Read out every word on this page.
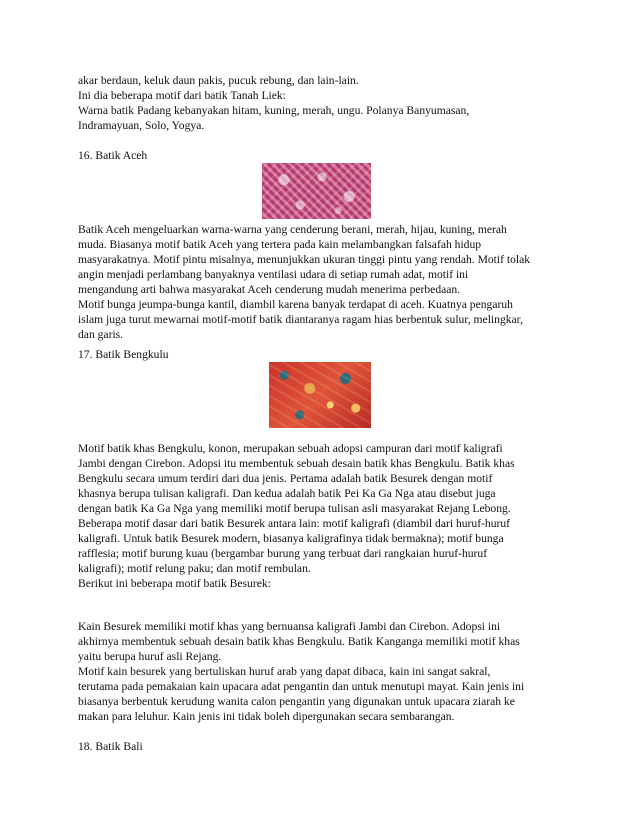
akar berdaun, keluk daun pakis, pucuk rebung, dan lain-lain.
Ini dia beberapa motif dari batik Tanah Liek:
Warna batik Padang kebanyakan hitam, kuning, merah, ungu. Polanya Banyumasan,
Indramayuan, Solo, Yogya.
16. Batik Aceh
Batik Aceh mengeluarkan warna-warna yang cenderung berani, merah, hijau, kuning, merah
muda. Biasanya motif batik Aceh yang tertera pada kain melambangkan falsafah hidup
masyarakatnya. Motif pintu misalnya, menunjukkan ukuran tinggi pintu yang rendah. Motif tolak
angin menjadi perlambang banyaknya ventilasi udara di setiap rumah adat, motif ini
mengandung arti bahwa masyarakat Aceh cenderung mudah menerima perbedaan.
Motif bunga jeumpa-bunga kantil, diambil karena banyak terdapat di aceh. Kuatnya pengaruh
islam juga turut mewarnai motif-motif batik diantaranya ragam hias berbentuk sulur, melingkar,
dan garis.
17. Batik Bengkulu
Motif batik khas Bengkulu, konon, merupakan sebuah adopsi campuran dari motif kaligrafi
Jambi dengan Cirebon. Adopsi itu membentuk sebuah desain batik khas Bengkulu. Batik khas
Bengkulu secara umum terdiri dari dua jenis. Pertama adalah batik Besurek dengan motif
khasnya berupa tulisan kaligrafi. Dan kedua adalah batik Pei Ka Ga Nga atau disebut juga
dengan batik Ka Ga Nga yang memiliki motif berupa tulisan asli masyarakat Rejang Lebong.
Beberapa motif dasar dari batik Besurek antara lain: motif kaligrafi (diambil dari huruf-huruf
kaligrafi. Untuk batik Besurek modern, biasanya kaligrafinya tidak bermakna); motif bunga
rafflesia; motif burung kuau (bergambar burung yang terbuat dari rangkaian huruf-huruf
kaligrafi); motif relung paku; dan motif rembulan.
Berikut ini beberapa motif batik Besurek:
Kain Besurek memiliki motif khas yang bernuansa kaligrafi Jambi dan Cirebon. Adopsi ini
akhirnya membentuk sebuah desain batik khas Bengkulu. Batik Kanganga memiliki motif khas
yaitu berupa huruf asli Rejang.
Motif kain besurek yang bertuliskan huruf arab yang dapat dibaca, kain ini sangat sakral,
terutama pada pemakaian kain upacara adat pengantin dan untuk menutupi mayat. Kain jenis ini
biasanya berbentuk kerudung wanita calon pengantin yang digunakan untuk upacara ziarah ke
makan para leluhur. Kain jenis ini tidak boleh dipergunakan secara sembarangan.
18. Batik Bali
